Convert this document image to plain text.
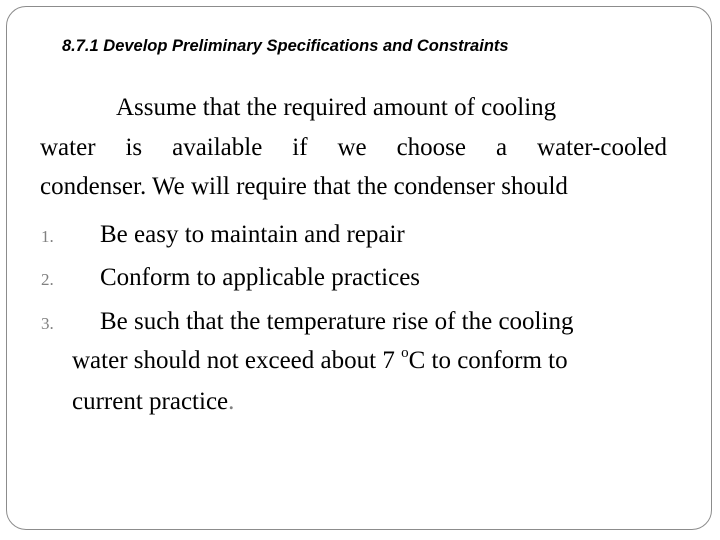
8.7.1 Develop Preliminary Specifications and Constraints
Assume that the required amount of cooling
water is available if we choose a water-cooled
condenser. We will require that the condenser should
1. Be easy to maintain and repair
2. Conform to applicable practices
3. Be such that the temperature rise of the cooling
water should not exceed about 7 $^o$C to conform to
current practice.
